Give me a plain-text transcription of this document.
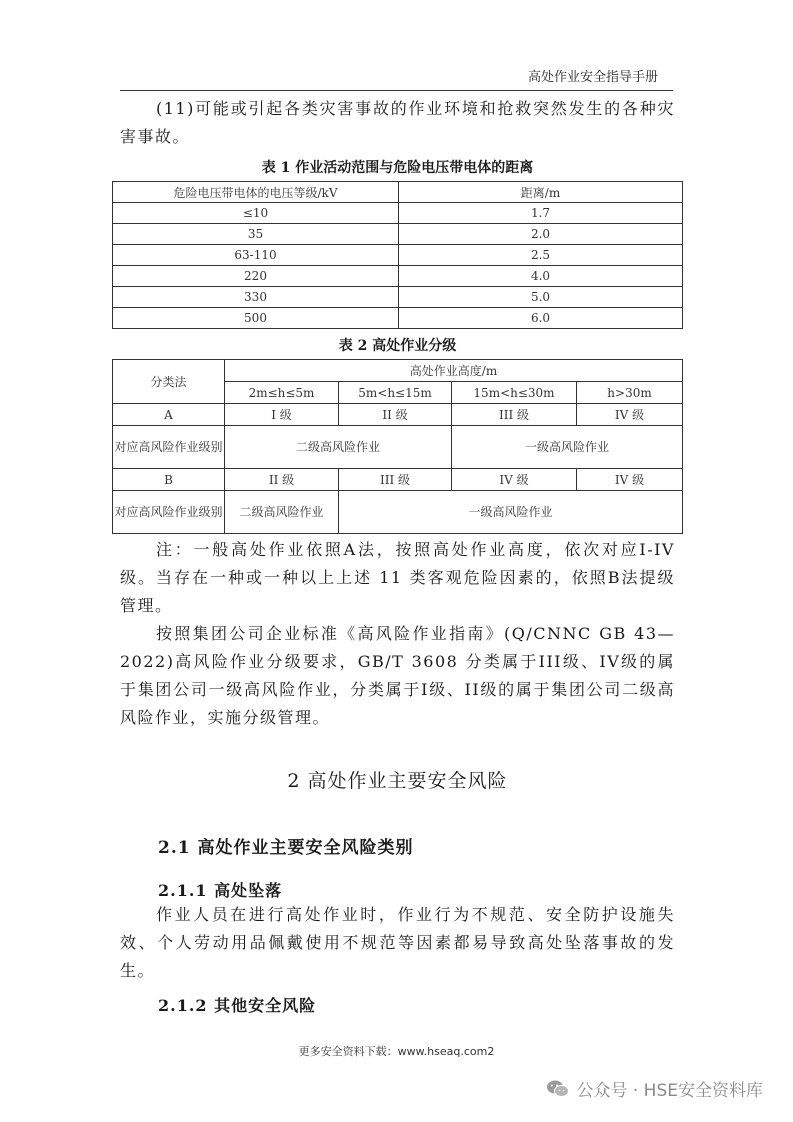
高处作业安全指导手册

(11)可能或引起各类灾害事故的作业环境和抢救突然发生的各种灾害事故。

表 1 作业活动范围与危险电压带电体的距离

危险电压带电体的电压等级/kV	距离/m
≤10	1.7
35	2.0
63-110	2.5
220	4.0
330	5.0
500	6.0

表 2 高处作业分级

分类法	高处作业高度/m			
	2m≤h≤5m	5m<h≤15m	15m<h≤30m	h>30m
A	I 级	II 级	III 级	IV 级
对应高风险作业级别	二级高风险作业		一级高风险作业	
B	II 级	III 级	IV 级	IV 级
对应高风险作业级别	二级高风险作业	一级高风险作业		

注：一般高处作业依照A法，按照高处作业高度，依次对应I-IV级。当存在一种或一种以上上述 11 类客观危险因素的，依照B法提级管理。

按照集团公司企业标准《高风险作业指南》(Q/CNNC GB 43—2022)高风险作业分级要求，GB/T 3608 分类属于III级、IV级的属于集团公司一级高风险作业，分类属于I级、II级的属于集团公司二级高风险作业，实施分级管理。

2 高处作业主要安全风险
2.1 高处作业主要安全风险类别
2.1.1 高处坠落

作业人员在进行高处作业时，作业行为不规范、安全防护设施失效、个人劳动用品佩戴使用不规范等因素都易导致高处坠落事故的发生。

2.1.2 其他安全风险
更多安全资料下载：www.hseaq.com2
公众号 · HSE安全资料库
